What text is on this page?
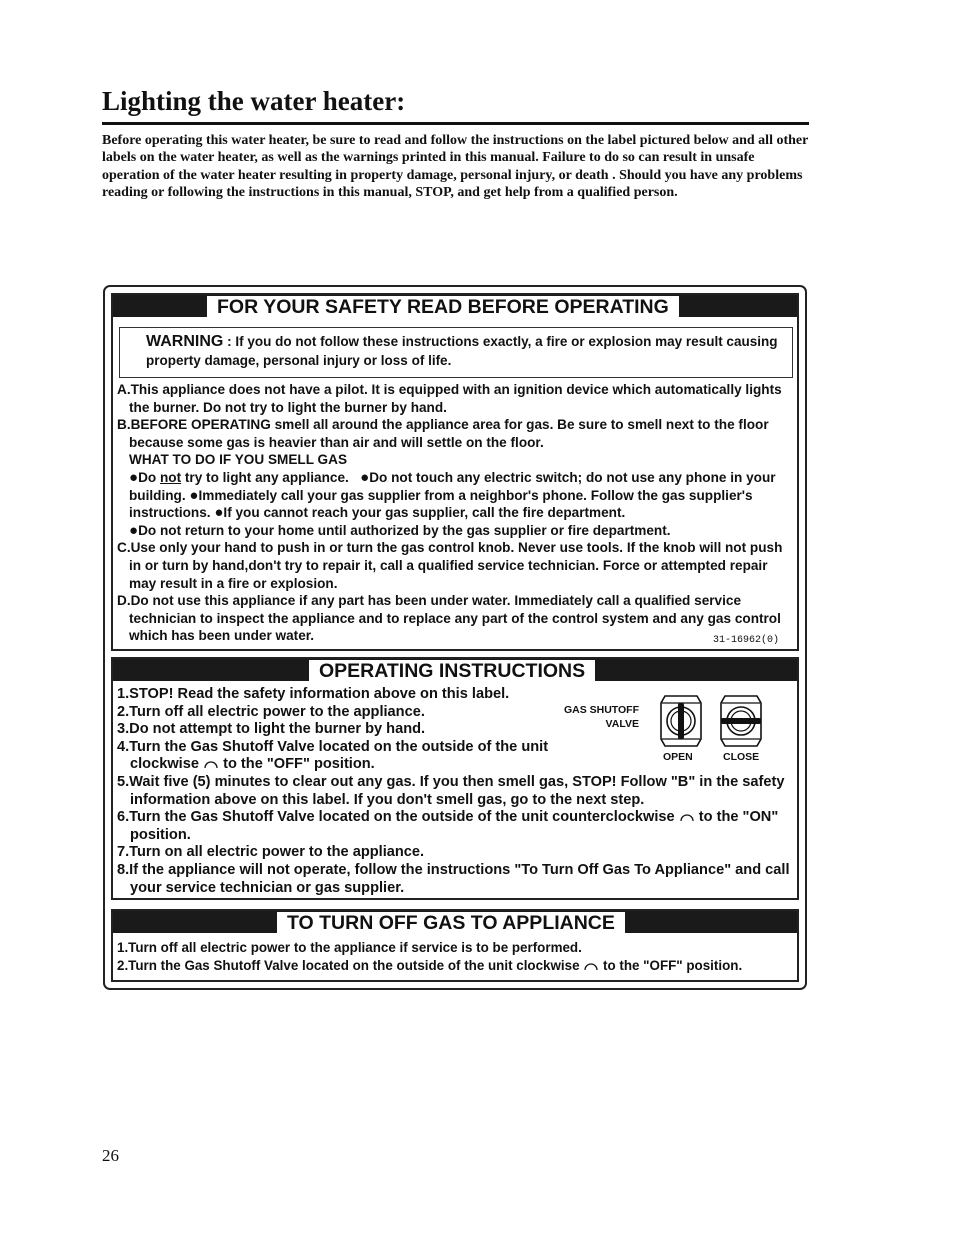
Lighting the water heater:
Before operating this water heater, be sure to read and follow the instructions on the label pictured below and all other labels on the water heater, as well as the warnings printed in this manual. Failure to do so can result in unsafe operation of the water heater resulting in property damage, personal injury, or death . Should you have any problems reading or following the instructions in this manual, STOP, and get help from a qualified person.
FOR YOUR SAFETY READ BEFORE OPERATING
WARNING : If you do not follow these instructions exactly, a fire or explosion may result causing property damage, personal injury or loss of life.

A.This appliance does not have a pilot. It is equipped with an ignition device which automatically lights the burner. Do not try to light the burner by hand.

B.BEFORE OPERATING smell all around the appliance area for gas. Be sure to smell next to the floor because some gas is heavier than air and will settle on the floor.

WHAT TO DO IF YOU SMELL GAS

●Do not try to light any appliance. ●Do not touch any electric switch; do not use any phone in your building. ●Immediately call your gas supplier from a neighbor's phone. Follow the gas supplier's instructions. ●If you cannot reach your gas supplier, call the fire department.
●Do not return to your home until authorized by the gas supplier or fire department.

C.Use only your hand to push in or turn the gas control knob. Never use tools. If the knob will not push in or turn by hand,don't try to repair it, call a qualified service technician. Force or attempted repair may result in a fire or explosion.

D.Do not use this appliance if any part has been under water. Immediately call a qualified service technician to inspect the appliance and to replace any part of the control system and any gas control which has been under water.	31-16962(0)
OPERATING INSTRUCTIONS

1.STOP! Read the safety information above on this label.

2.Turn off all electric power to the appliance.

3.Do not attempt to light the burner by hand.

4.Turn the Gas Shutoff Valve located on the outside of the unit clockwise to the "OFF" position.

5.Wait five (5) minutes to clear out any gas. If you then smell gas, STOP! Follow "B" in the safety information above on this label. If you don't smell gas, go to the next step.

6.Turn the Gas Shutoff Valve located on the outside of the unit counterclockwise to the "ON" position.

7.Turn on all electric power to the appliance.

8.If the appliance will not operate, follow the instructions "To Turn Off Gas To Appliance" and call your service technician or gas supplier.

GAS SHUTOFF VALVE
OPEN	CLOSE
TO TURN OFF GAS TO APPLIANCE

1.Turn off all electric power to the appliance if service is to be performed.

2.Turn the Gas Shutoff Valve located on the outside of the unit clockwise to the "OFF" position.

26
